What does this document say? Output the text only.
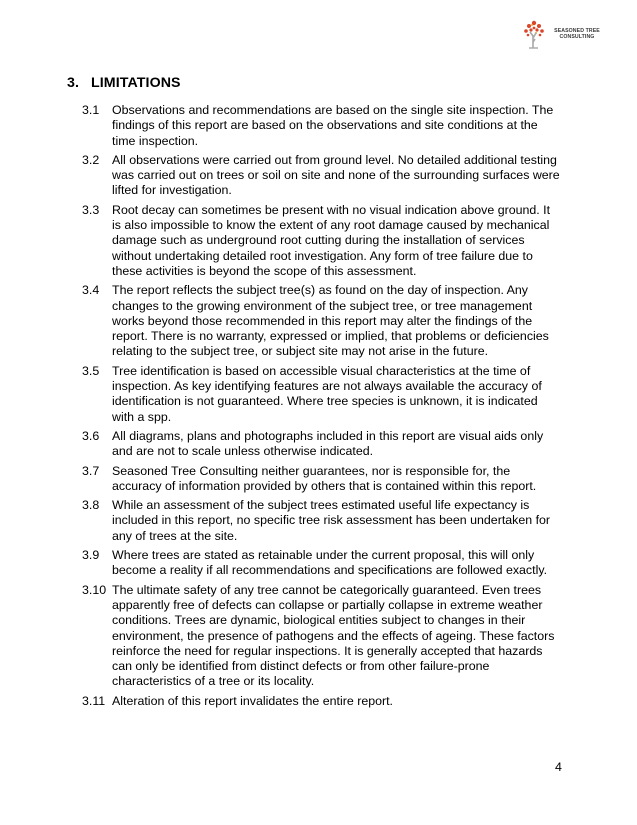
SEASONED TREE
CONSULTING
3. LIMITATIONS
3.1	Observations and recommendations are based on the single site inspection. The findings of this report are based on the observations and site conditions at the time inspection.
3.2	All observations were carried out from ground level. No detailed additional testing was carried out on trees or soil on site and none of the surrounding surfaces were lifted for investigation.
3.3	Root decay can sometimes be present with no visual indication above ground. It is also impossible to know the extent of any root damage caused by mechanical damage such as underground root cutting during the installation of services without undertaking detailed root investigation. Any form of tree failure due to these activities is beyond the scope of this assessment.
3.4	The report reflects the subject tree(s) as found on the day of inspection. Any changes to the growing environment of the subject tree, or tree management works beyond those recommended in this report may alter the findings of the report. There is no warranty, expressed or implied, that problems or deficiencies relating to the subject tree, or subject site may not arise in the future.
3.5	Tree identification is based on accessible visual characteristics at the time of inspection. As key identifying features are not always available the accuracy of identification is not guaranteed. Where tree species is unknown, it is indicated with a spp.
3.6	All diagrams, plans and photographs included in this report are visual aids only and are not to scale unless otherwise indicated.
3.7	Seasoned Tree Consulting neither guarantees, nor is responsible for, the accuracy of information provided by others that is contained within this report.
3.8	While an assessment of the subject trees estimated useful life expectancy is included in this report, no specific tree risk assessment has been undertaken for any of trees at the site.
3.9	Where trees are stated as retainable under the current proposal, this will only become a reality if all recommendations and specifications are followed exactly.
3.10 The ultimate safety of any tree cannot be categorically guaranteed. Even trees apparently free of defects can collapse or partially collapse in extreme weather conditions. Trees are dynamic, biological entities subject to changes in their environment, the presence of pathogens and the effects of ageing. These factors reinforce the need for regular inspections. It is generally accepted that hazards can only be identified from distinct defects or from other failure-prone characteristics of a tree or its locality.
3.11 Alteration of this report invalidates the entire report.
4
